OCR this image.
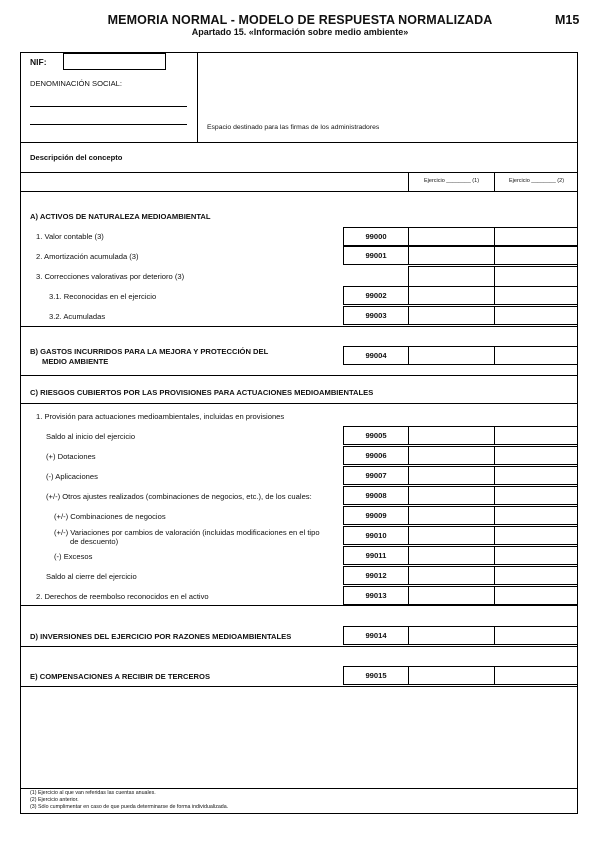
MEMORIA NORMAL - MODELO DE RESPUESTA NORMALIZADA
Apartado 15. «Información sobre medio ambiente»
M15
NIF:
DENOMINACIÓN SOCIAL:
Espacio destinado para las firmas de los administradores
Descripción del concepto
Ejercicio ________ (1)	Ejercicio ________ (2)
A) ACTIVOS DE NATURALEZA MEDIOAMBIENTAL
1. Valor contable (3)	99000
2. Amortización acumulada (3)	99001
3. Correcciones valorativas por deterioro (3)
3.1. Reconocidas en el ejercicio	99002
3.2. Acumuladas	99003
B) GASTOS INCURRIDOS PARA LA MEJORA Y PROTECCIÓN DEL
MEDIO AMBIENTE
99004
C) RIESGOS CUBIERTOS POR LAS PROVISIONES PARA ACTUACIONES MEDIOAMBIENTALES
1. Provisión para actuaciones medioambientales, incluidas en provisiones
Saldo al inicio del ejercicio	99005
(+) Dotaciones	99006
(-) Aplicaciones	99007
(+/-) Otros ajustes realizados (combinaciones de negocios, etc.), de los cuales:	99008
(+/-) Combinaciones de negocios	99009
(+/-) Variaciones por cambios de valoración (incluidas modificaciones en el tipo
de descuento)
99010
(-) Excesos	99011
Saldo al cierre del ejercicio	99012
2. Derechos de reembolso reconocidos en el activo	99013
D) INVERSIONES DEL EJERCICIO POR RAZONES MEDIOAMBIENTALES	99014
E) COMPENSACIONES A RECIBIR DE TERCEROS	99015
(1) Ejercicio al que van referidas las cuentas anuales.
(2) Ejercicio anterior.
(3) Sólo cumplimentar en caso de que pueda determinarse de forma individualizada.
